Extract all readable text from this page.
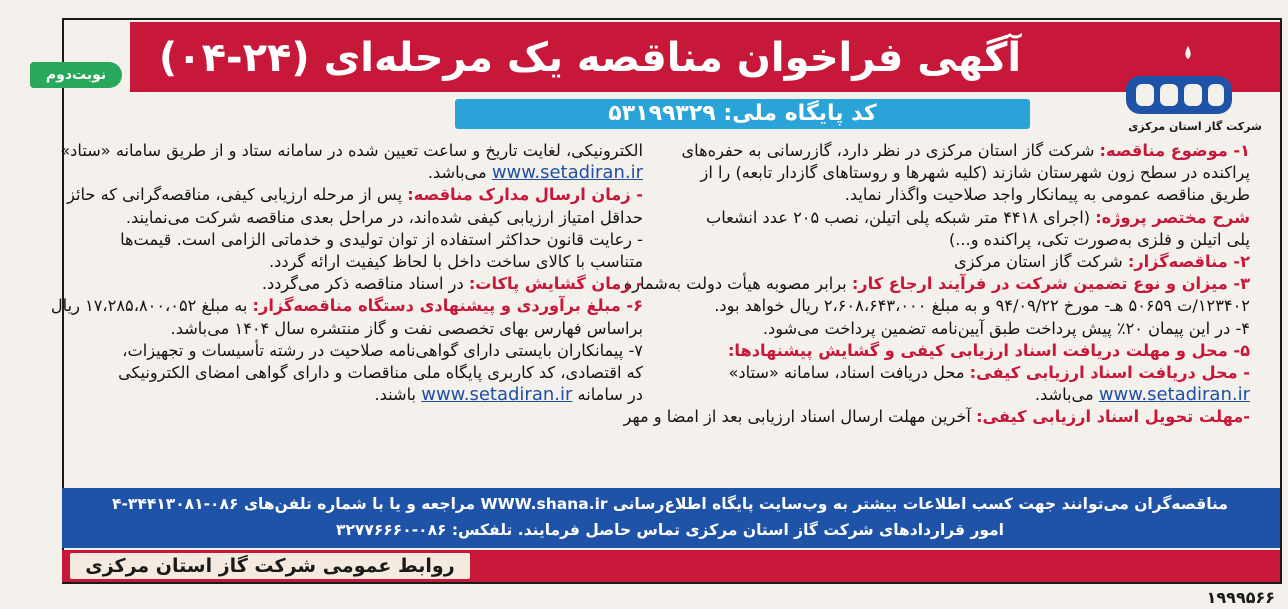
آگهی فراخوان مناقصه یک مرحله‌ای (۲۴-۰۴)
شرکت گاز استان مرکزی
نوبت‌دوم
کد پایگاه ملی: ۵۳۱۹۹۳۲۹
۱- موضوع مناقصه: شرکت گاز استان مرکزی در نظر دارد، گازرسانی به حفره‌های
پراکنده در سطح زون شهرستان شازند (کلیه شهرها و روستاهای گازدار تابعه) را از
طریق مناقصه عمومی به پیمانکار واجد صلاحیت واگذار نماید.
شرح مختصر پروژه: (اجرای ۴۴۱۸ متر شبکه پلی اتیلن، نصب ۲۰۵ عدد انشعاب
پلی اتیلن و فلزی به‌صورت تکی، پراکنده و...)
۲- مناقصه‌گزار: شرکت گاز استان مرکزی
۳- میزان و نوع تضمین شرکت در فرآیند ارجاع کار: برابر مصوبه هیأت دولت به‌شماره
۱۲۳۴۰۲/ت ۵۰۶۵۹ هـ- مورخ ۹۴/۰۹/۲۲ و به مبلغ ۲،۶۰۸،۶۴۳،۰۰۰ ریال خواهد بود.
۴- در این پیمان ۲۰٪ پیش پرداخت طبق آیین‌نامه تضمین پرداخت می‌شود.
۵- محل و مهلت دریافت اسناد ارزیابی کیفی و گشایش پیشنهادها:
- محل دریافت اسناد ارزیابی کیفی: محل دریافت اسناد، سامانه «ستاد»
www.setadiran.ir می‌باشد.
-مهلت تحویل اسناد ارزیابی کیفی: آخرین مهلت ارسال اسناد ارزیابی بعد از امضا و مهر
الکترونیکی، لغایت تاریخ و ساعت تعیین شده در سامانه ستاد و از طریق سامانه «ستاد»
www.setadiran.ir می‌باشد.
- زمان ارسال مدارک مناقصه: پس از مرحله ارزیابی کیفی، مناقصه‌گرانی که حائز
حداقل امتیاز ارزیابی کیفی شده‌اند، در مراحل بعدی مناقصه شرکت می‌نمایند.
- رعایت قانون حداکثر استفاده از توان تولیدی و خدماتی الزامی است. قیمت‌ها
متناسب با کالای ساخت داخل با لحاظ کیفیت ارائه گردد.
- زمان گشایش پاکات: در اسناد مناقصه ذکر می‌گردد.
۶- مبلغ برآوردی و پیشنهادی دستگاه مناقصه‌گزار: به مبلغ ۱۷،۲۸۵،۸۰۰،۰۵۲ ریال
براساس فهارس بهای تخصصی نفت و گاز منتشره سال ۱۴۰۴ می‌باشد.
۷- پیمانکاران بایستی دارای گواهی‌نامه صلاحیت در رشته تأسیسات و تجهیزات،
که اقتصادی، کد کاربری پایگاه ملی مناقصات و دارای گواهی امضای الکترونیکی
در سامانه www.setadiran.ir باشند.
مناقصه‌گران می‌توانند جهت کسب اطلاعات بیشتر به وب‌سایت پایگاه اطلاع‌رسانی WWW.shana.ir مراجعه و یا با شماره تلفن‌های ۰۸۶-۳۴۴۱۳۰۸۱-۴
امور قراردادهای شرکت گاز استان مرکزی تماس حاصل فرمایند. تلفکس: ۰۸۶-۳۲۷۷۶۶۶۰
روابط عمومی شرکت گاز استان مرکزی
۱۹۹۹۵۶۶
